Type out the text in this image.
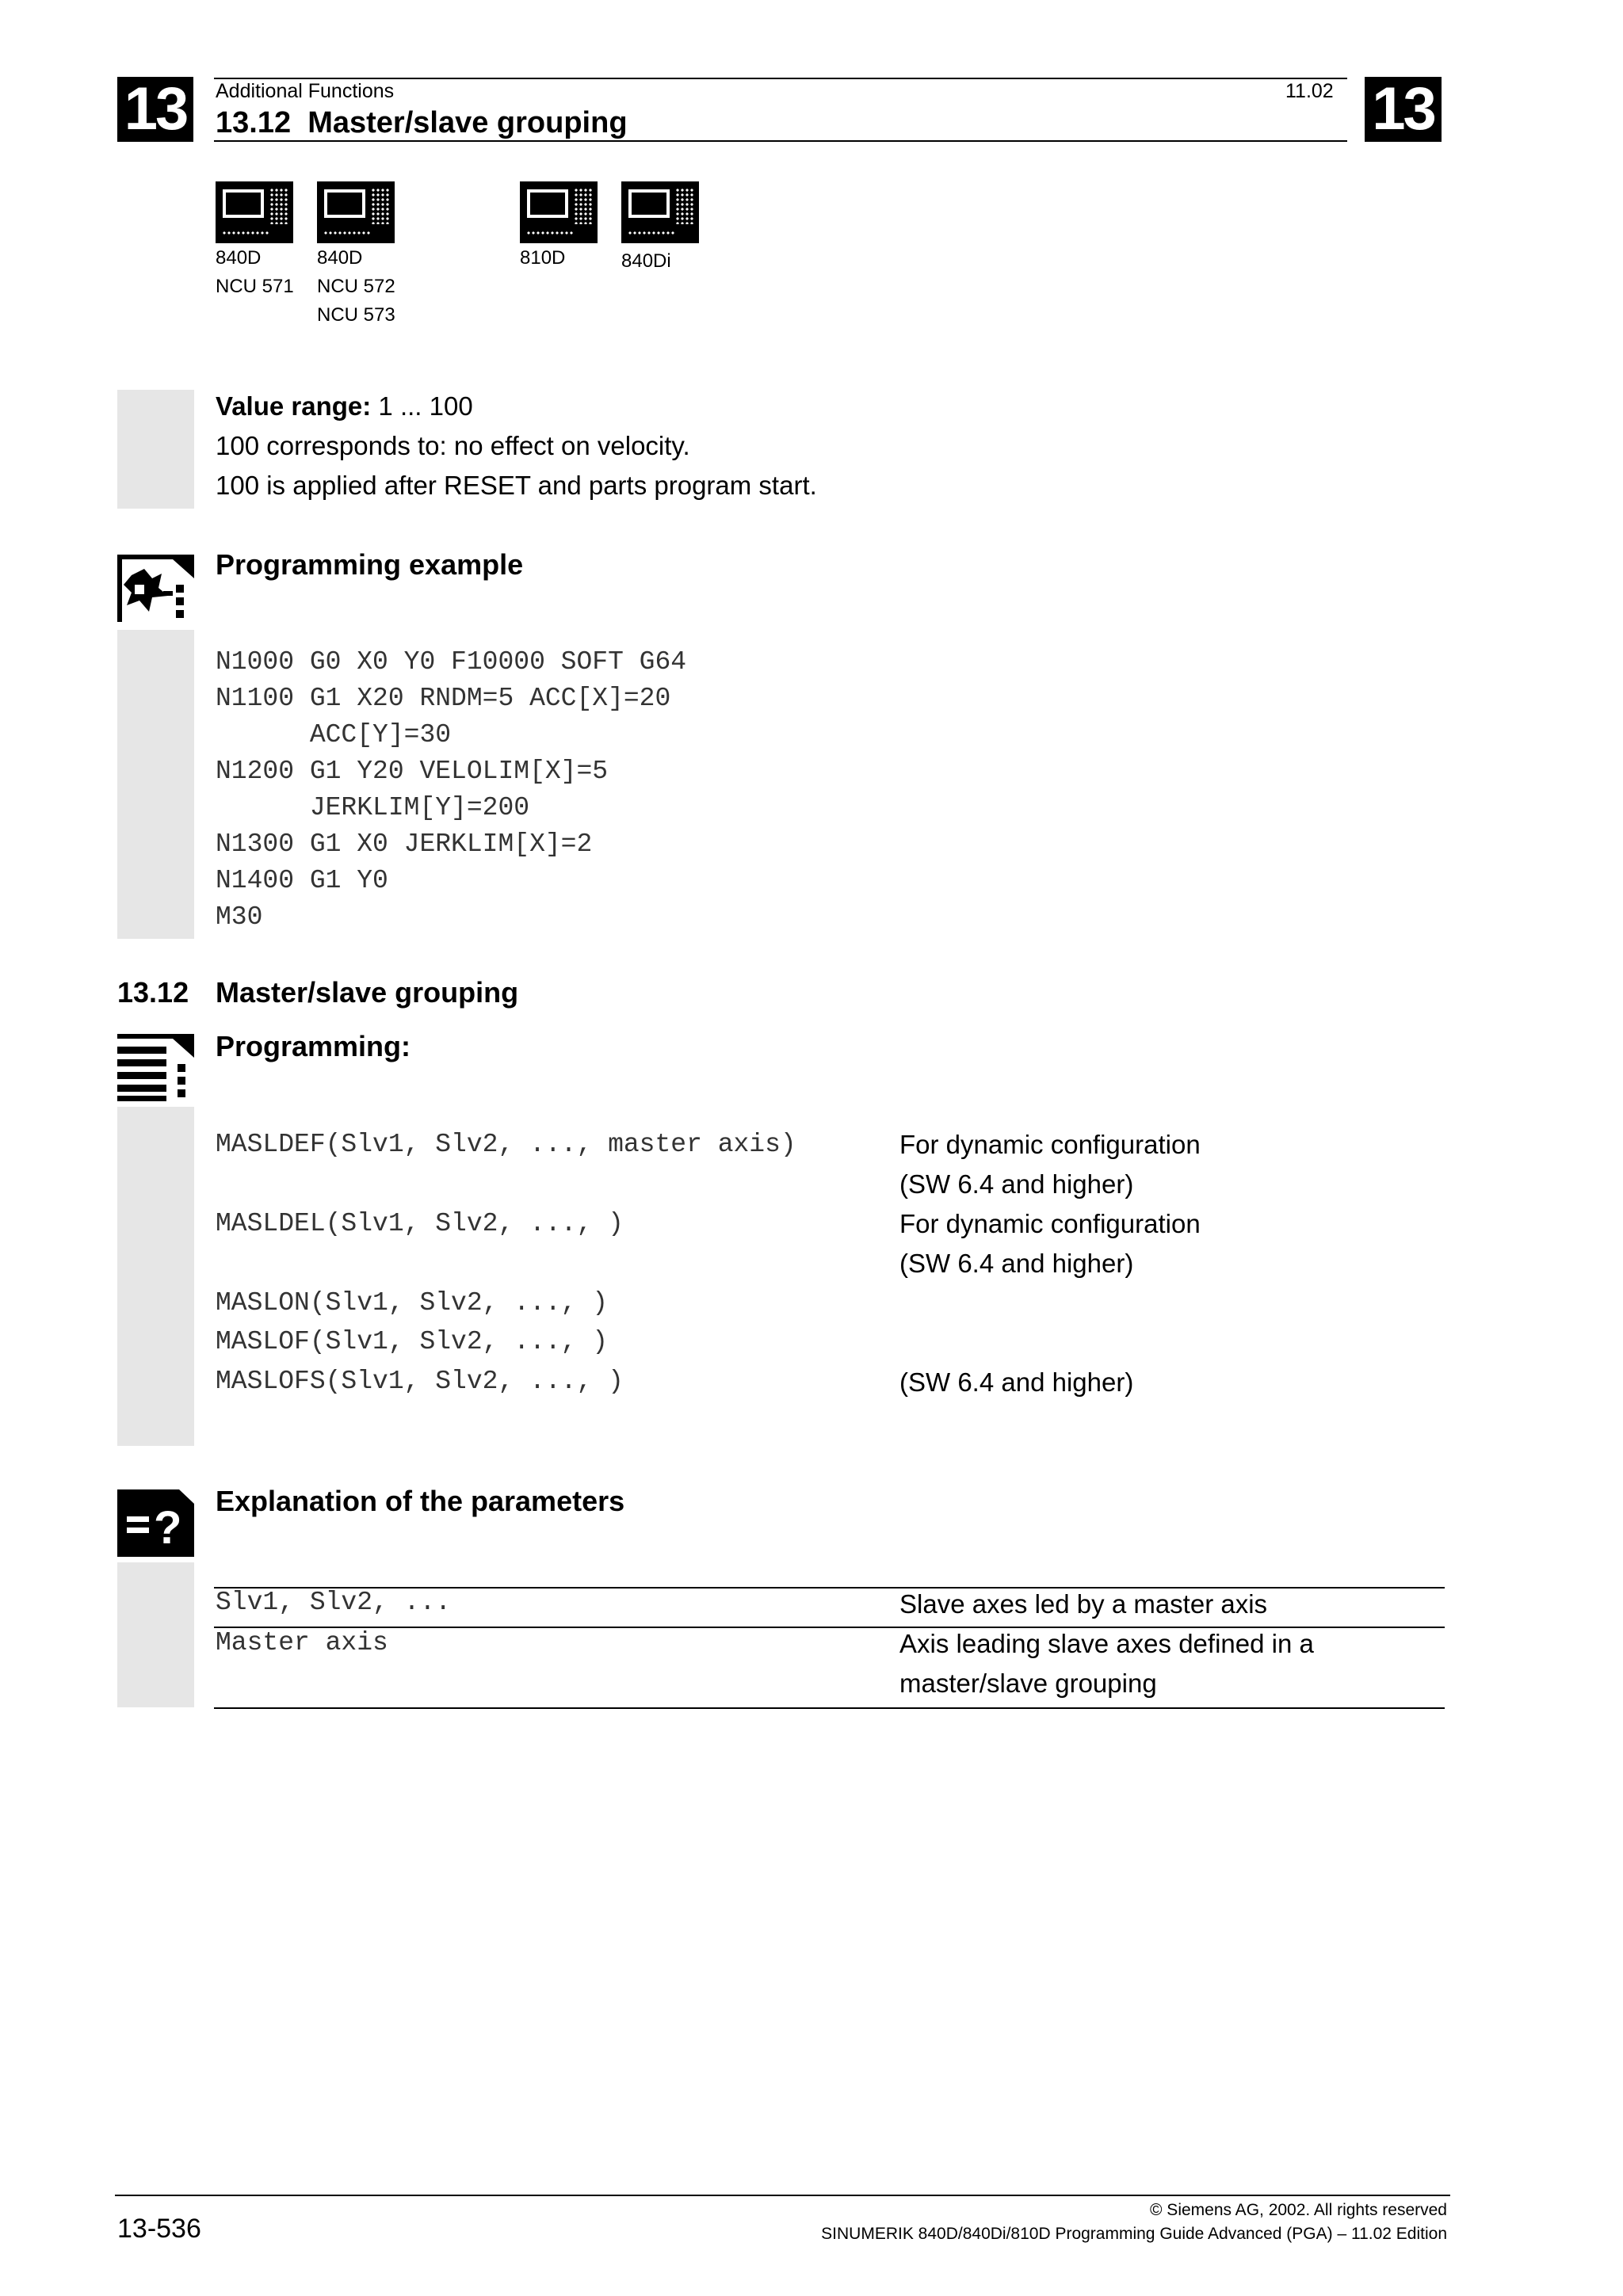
13	13
Additional Functions	11.02
13.12  Master/slave grouping
840D
NCU 571
840D
NCU 572
NCU 573
810D	840Di
Value range: 1 ... 100
100 corresponds to: no effect on velocity.
100 is applied after RESET and parts program start.
Programming example
N1000 G0 X0 Y0 F10000 SOFT G64
N1100 G1 X20 RNDM=5 ACC[X]=20
ACC[Y]=30
N1200 G1 Y20 VELOLIM[X]=5
JERKLIM[Y]=200
N1300 G1 X0 JERKLIM[X]=2
N1400 G1 Y0
M30
13.12 Master/slave grouping
Programming:
MASLDEF(Slv1, Slv2, ..., master axis)	For dynamic configuration
(SW 6.4 and higher)
MASLDEL(Slv1, Slv2, ..., )	For dynamic configuration
(SW 6.4 and higher)
MASLON(Slv1, Slv2, ..., )
MASLOF(Slv1, Slv2, ..., )
MASLOFS(Slv1, Slv2, ..., )	(SW 6.4 and higher)
?
Explanation of the parameters
Slv1, Slv2, ...	Slave axes led by a master axis
Master axis	Axis leading slave axes defined in a
master/slave grouping
13-536
© Siemens AG, 2002. All rights reserved
SINUMERIK 840D/840Di/810D Programming Guide Advanced (PGA) – 11.02 Edition
